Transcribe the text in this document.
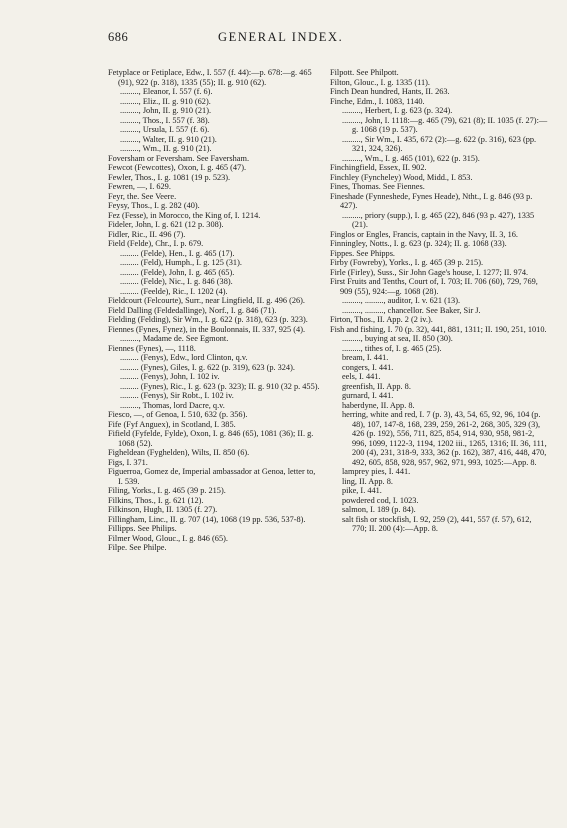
686	GENERAL INDEX.
Fetyplace or Fetiplace, Edw., I. 557 (f. 44):—p. 678:—g. 465 (91), 922 (p. 318), 1335 (55); II. g. 910 (62).
........., Eleanor, I. 557 (f. 6).
........., Eliz., II. g. 910 (62).
........., John, II. g. 910 (21).
........., Thos., I. 557 (f. 38).
........., Ursula, I. 557 (f. 6).
........., Walter, II. g. 910 (21).
........., Wm., II. g. 910 (21).
Foversham or Feversham. See Faversham.
Fewcot (Fewcottes), Oxon, I. g. 465 (47).
Fewler, Thos., I. g. 1081 (19 p. 523).
Fewren, —, I. 629.
Feyr, the. See Veere.
Feysy, Thos., I. g. 282 (40).
Fez (Fesse), in Morocco, the King of, I. 1214.
Fideler, John, I. g. 621 (12 p. 308).
Fidler, Ric., II. 496 (7).
Field (Felde), Chr., I. p. 679.
......... (Felde), Hen., I. g. 465 (17).
......... (Feld), Humph., I. g. 125 (31).
......... (Felde), John, I. g. 465 (65).
......... (Felde), Nic., I. g. 846 (38).
......... (Feelde), Ric., I. 1202 (4).
Fieldcourt (Felcourte), Surr., near Lingfield, II. g. 496 (26).
Field Dalling (Feldedallinge), Norf., I. g. 846 (71).
Fielding (Felding), Sir Wm., I. g. 622 (p. 318), 623 (p. 323).
Fiennes (Fynes, Fynez), in the Boulonnais, II. 337, 925 (4).
........., Madame de. See Egmont.
Fiennes (Fynes), —, 1118.
......... (Fenys), Edw., lord Clinton, q.v.
......... (Fynes), Giles, I. g. 622 (p. 319), 623 (p. 324).
......... (Fenys), John, I. 102 iv.
......... (Fynes), Ric., I. g. 623 (p. 323); II. g. 910 (32 p. 455).
......... (Fenys), Sir Robt., I. 102 iv.
........., Thomas, lord Dacre, q.v.
Fiesco, —, of Genoa, I. 510, 632 (p. 356).
Fife (Fyf Anguex), in Scotland, I. 385.
Fifield (Fyfelde, Fylde), Oxon, I. g. 846 (65), 1081 (36); II. g. 1068 (52).
Figheldean (Fyghelden), Wilts, II. 850 (6).
Figs, I. 371.
Figuerroa, Gomez de, Imperial ambassador at Genoa, letter to, I. 539.
Filing, Yorks., I. g. 465 (39 p. 215).
Filkins, Thos., I. g. 621 (12).
Filkinson, Hugh, II. 1305 (f. 27).
Fillingham, Linc., II. g. 707 (14), 1068 (19 pp. 536, 537-8).
Fillipps. See Philips.
Filmer Wood, Glouc., I. g. 846 (65).
Filpe. See Philpe.
Filpott. See Philpott.
Filton, Glouc., I. g. 1335 (11).
Finch Dean hundred, Hants, II. 263.
Finche, Edm., I. 1083, 1140.
........., Herbert, I. g. 623 (p. 324).
........., John, I. 1118:—g. 465 (79), 621 (8); II. 1035 (f. 27):—g. 1068 (19 p. 537).
........., Sir Wm., I. 435, 672 (2):—g. 622 (p. 316), 623 (pp. 321, 324, 326).
........., Wm., I. g. 465 (101), 622 (p. 315).
Finchingfield, Essex, II. 902.
Finchley (Fyncheley) Wood, Midd., I. 853.
Fines, Thomas. See Fiennes.
Fineshade (Fynneshede, Fynes Heade), Ntht., I. g. 846 (93 p. 427).
........., priory (supp.), I. g. 465 (22), 846 (93 p. 427), 1335 (21).
Finglos or Engles, Francis, captain in the Navy, II. 3, 16.
Finningley, Notts., I. g. 623 (p. 324); II. g. 1068 (33).
Fippes. See Phipps.
Firby (Fowreby), Yorks., I. g. 465 (39 p. 215).
Firle (Firley), Suss., Sir John Gage's house, I. 1277; II. 974.
First Fruits and Tenths, Court of, I. 703; II. 706 (60), 729, 769, 909 (55), 924:—g. 1068 (28).
........., ........., auditor, I. v. 621 (13).
........., ........., chancellor. See Baker, Sir J.
Firton, Thos., II. App. 2 (2 iv.).
Fish and fishing, I. 70 (p. 32), 441, 881, 1311; II. 190, 251, 1010.
........., buying at sea, II. 850 (30).
........., tithes of, I. g. 465 (25).
bream, I. 441.
congers, I. 441.
eels, I. 441.
greenfish, II. App. 8.
gurnard, I. 441.
haberdyne, II. App. 8.
herring, white and red, I. 7 (p. 3), 43, 54, 65, 92, 96, 104 (p. 48), 107, 147-8, 168, 239, 259, 261-2, 268, 305, 329 (3), 426 (p. 192), 556, 711, 825, 854, 914, 930, 958, 981-2, 996, 1099, 1122-3, 1194, 1202 iii., 1265, 1316; II. 36, 111, 200 (4), 231, 318-9, 333, 362 (p. 162), 387, 416, 448, 470, 492, 605, 858, 928, 957, 962, 971, 993, 1025:—App. 8.
lamprey pies, I. 441.
ling, II. App. 8.
pike, I. 441.
powdered cod, I. 1023.
salmon, I. 189 (p. 84).
salt fish or stockfish, I. 92, 259 (2), 441, 557 (f. 57), 612, 770; II. 200 (4):—App. 8.
